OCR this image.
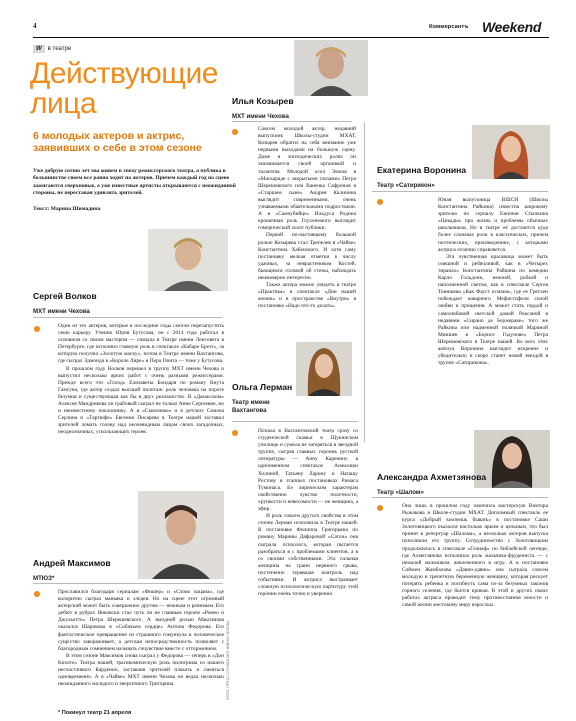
4	Коммерсантъ Weekend
W	в театре
Действующие
лица
6 молодых актеров и актрис, заявивших о себе в этом сезоне
Уже добрую сотню лет мы живем в эпоху режиссерского театра, а публика в большинстве своем все равно ходит на актеров. Причем каждый год на сцене зажигаются сверхновые, а уже известные артисты открываются с неожиданной стороны, не переставая удивлять зрителей.
Текст: Марина Шимадина
Илья Козырев
МХТ имени Чехова

Совсем молодой актер, недавний выпускник Школы-студии МХАТ, Козырев обратил на себя внимание уже первыми выходами на большую сцену. Даже в эпизодических ролях он запоминается своей органикой и талантом. Молодой осел Эмиля в «Маскараде с закрытыми глазами» Петра Шерешевского или Ванечка Сафронов в «Старшем сыне» Андрея Калинина выглядит современными, очень узнаваемыми обаятельными подростками. А в «Самоубийце» Ильдуса Родина крошечная роль Глухонемого выглядит гомерический хохот публики.

Первой по-настоящему большой ролью Козырева стал Трепелев в «Чайке» Константина Хабенского. И хотя саму постановку мелкая отметки к числу удачных, за неврастеником Костей, бьющимся головой об стены, наблюдать неимоверно интересно.

Также актера можно увидеть в театре «Практика» в спектакле «Дни нашей жизни» и в пространстве «Внутри» в постановке «Надо что-то делать».

Екатерина Воронина
Театр «Сатирикон»

Юная выпускница ВШСИ (Школы Константина Райкина) известна широкому зрителю по сериалу Евгения Стычкина «Цикады» про жизнь и проблемы обычных школьников. Но в театре её достаются куда более сложные роли в классических, причем поэтических, произведениях, с которыми актриса отлично справляется.

Эта чувственная красавица может быть смешной и ребячливой, как в «Четырех тиранах» Константина Райкина по комедии Карло Гольдони, нежной, робкой и наполненной светом, как в спектакле Сергея Тонишева «Как Фауст османа», где ее Гретхен побеждает коварного Мефистофеля силой любви и прощения. А может стать гордой и самолюбивой светской дамой Роксаной в недавнем «Сирано де Бержераке» того же Райкина или надменной полячкой Мариной Мнишек в «Борисе Годунове» Петра Шерешевского в Театре нашей. Во всех этих амплуа Воронина выглядит искренне и убедительно и скоро станет новой звездой в труппе «Сатирикона».

Сергей Волков
МХТ имени Чехова

Один из тех актеров, которые в последние годы смогли перезапустить свою карьеру. Ученик Юрия Бутусова, он с 2014 года работал в основном со своим мастером — сначала в Театре имени Ленсовета в Петербурге, где исполнил главную роль в спектакле «Кабаре Брехт», за которую получил «Золотую маску», потом в Театре имени Вахтангова, где сыграл Эдмонда в «Короле Лире» и Пера Гюнта — тоже у Бутусова.

В прошлом году Волков перешел в труппу МХТ имени Чехова и выпустил несколько ярких работ с очень разными режиссерами. Прежде всего это «Голод» Елизаветы Бондаря по роману Кнута Гамсуна, где актер создал высший пилотаж: роль человека на пороге безумия и существующая как бы в двух реальностях. В «Дамасском» Алексея Мандрикова он грабовый сыграл не только Анне Сергеевне, но и неизвестному поклоннику. А в «Сквозняке» и в детских Семена Серзина и «Тартюфе» Евгения Писарева в Театре нашей заставил зрителей ломать голову над неочевидным лицом своих загадочных, неоднозначных, ускользающих героев.

Ольга Лерман
Театр имени Вахтангова

Попала в Вахтанговский театр сразу со студенческой скамьи в Щукинском училище и сумела не затеряться в звездной труппе, сыграв главных героинь русской литературы — Анну Каренину в одноименном спектакле Анжелики Холиной, Татьяну Ларину и Наташу Ростову в этапных постановках Римаса Туминаса. Ее лирическим характерам свойственно чувство полетности, хрупкости и невесомости — не женщина, а эфир.

И роль совсем другого свойства в этом сезоне Лерман исполнила в Театре нашей. В постановке Филиппа Григорьяна по роману Марины Дяфаровой «Сатон» она сыграла психолога, которая пытается разобраться в с проблемами клиентов, а в со своими собственными. Эта сильная женщина на грани нервного срыва, постепенно терявшая контроль над событиями. И актриса выстраивает сложную психологическую партитуру этой героини очень точно и уверенно.

Александра Ахметзянова
Театр «Шалом»

Она лишь в прошлом году окончила мастерскую Виктора Рыжакова в Школе-студии МХАТ. Дипломный спектакль ее курса «Добрый захочешь бывать» в постановке Саши Золотовицкого оказался настолько ярким и цельным, что был принят в репертуар «Шалома», а несколько актеров выпуска пополнили его труппу. Сотрудничество с Золотовицким продолжилось в спектакле «Голиаф» по библейской легенде, где Ахметзянова исполнила роль мальчика-фрудениста — с немалой мальчиком, вовлеченного в игру. А в постановке Сойжен Жамбалова «Давно-давно» она сыграла совсем молодую и трепетную беременную женщину, которая рискует потерять ребенка и погибнуть сама из-за безумных законов горного селения, где бьется криков. В этой и других своих работах актриса проводит тему противостояния юности и самой жизни жестокому миру взрослых.

Андрей Максимов
МТЮЗ*

Прославился благодаря сериалам «Фишер» и «Слово пацана», где колоритно сыграл маньяка и злодея. Но на сцене этот огромный актерский может быть совершенно другим — нежным и ранимым. Его дебют в рубрах Янковски стал чуть ли не главным героем «Ромео и Джульетте» Петра Шерешевского. А звездной ролью Максимова оказался Шарикова в «Собачьем сердце» Антона Федорова. Его фантастическое превращение из страшного гомункула в человеческое существо завораживает, а детская непосредственность позволяет с благородным сомнением называть сочувствие вместе с отторжением.

В этом сезоне Максимов снова сыграл у Федорова — теперь в «Дон Кихоте» Театра нашей, трагикомическую роль пилигрима из нашего несчастливого Карденио, заставляя зрителей плакать и смеяться одновременно. А в «Чайке» МХТ имени Чехова он ведал несколько неожиданного молодого и энергичного Тригорина.

* Покинул театр 21 апреля
ФОТО: ПРЕСС-СЛУЖБА МХТ ИМЕНИ ЧЕХОВА
